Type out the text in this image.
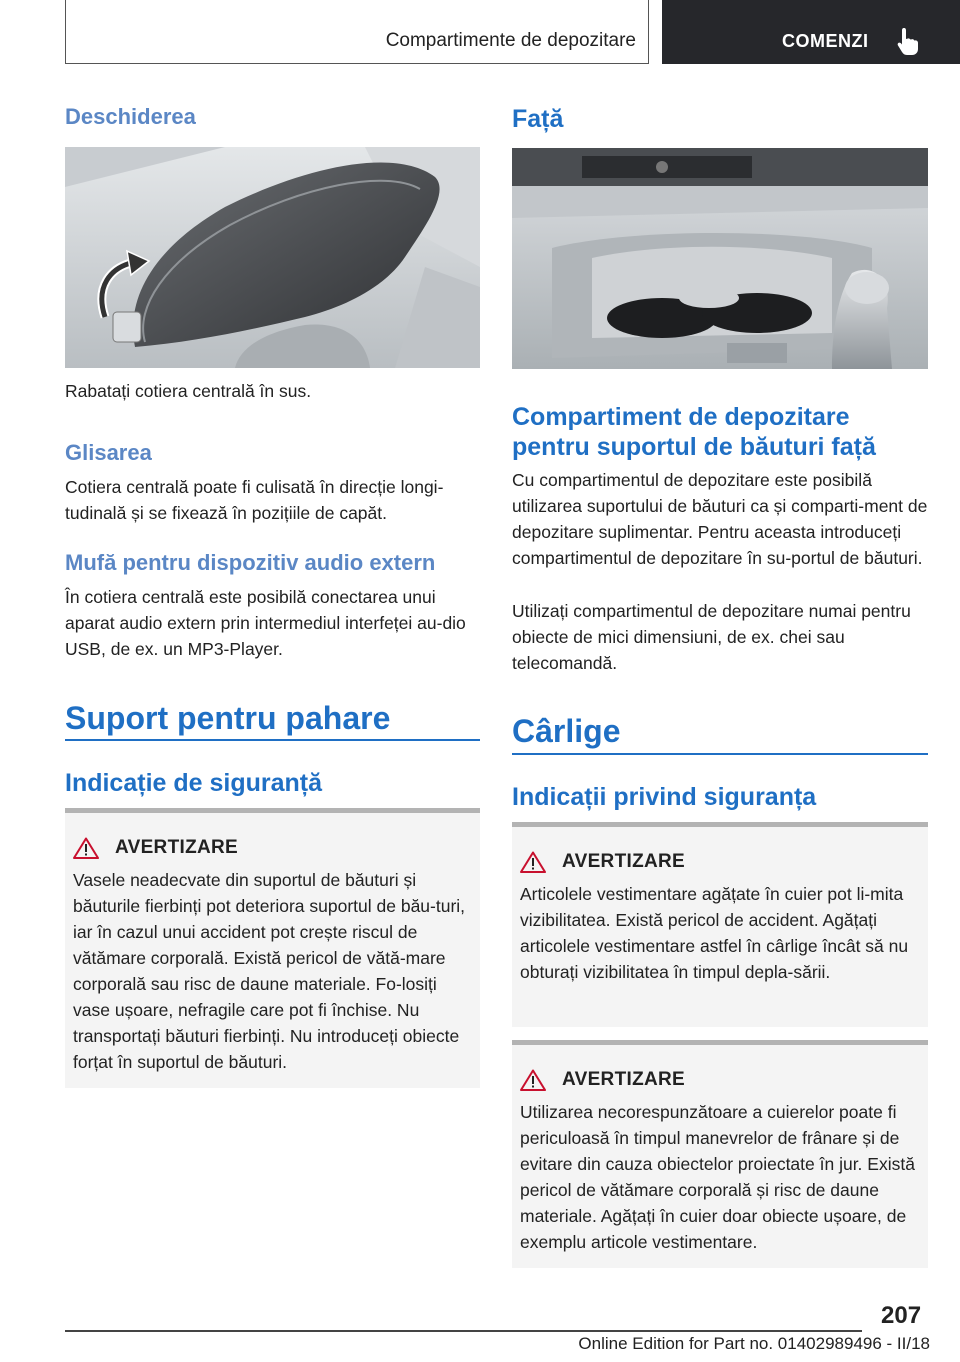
Compartimente de depozitare	COMENZI
Deschiderea

Rabatați cotiera centrală în sus.

Glisarea

Cotiera centrală poate fi culisată în direcție longi-tudinală și se fixează în pozițiile de capăt.

Mufă pentru dispozitiv audio extern

În cotiera centrală este posibilă conectarea unui aparat audio extern prin intermediul interfeței au-dio USB, de ex. un MP3-Player.

Suport pentru pahare
Indicație de siguranță
AVERTIZARE

Vasele neadecvate din suportul de băuturi și băuturile fierbinți pot deteriora suportul de bău-turi, iar în cazul unui accident pot crește riscul de vătămare corporală. Există pericol de vătă-mare corporală sau risc de daune materiale. Fo-losiți vase ușoare, nefragile care pot fi închise. Nu transportați băuturi fierbinți. Nu introduceți obiecte forțat în suportul de băuturi.

Față
Compartiment de depozitare pentru suportul de băuturi față

Cu compartimentul de depozitare este posibilă utilizarea suportului de băuturi ca și comparti-ment de depozitare suplimentar. Pentru aceasta introduceți compartimentul de depozitare în su-portul de băuturi.

Utilizați compartimentul de depozitare numai pentru obiecte de mici dimensiuni, de ex. chei sau telecomandă.

Cârlige
Indicații privind siguranța
AVERTIZARE

Articolele vestimentare agățate în cuier pot li-mita vizibilitatea. Există pericol de accident. Agățați articolele vestimentare astfel în cârlige încât să nu obturați vizibilitatea în timpul depla-sării.

AVERTIZARE

Utilizarea necorespunzătoare a cuierelor poate fi periculoasă în timpul manevrelor de frânare și de evitare din cauza obiectelor proiectate în jur. Există pericol de vătămare corporală și risc de daune materiale. Agățați în cuier doar obiecte ușoare, de exemplu articole vestimentare.

207
Online Edition for Part no. 01402989496 - II/18
